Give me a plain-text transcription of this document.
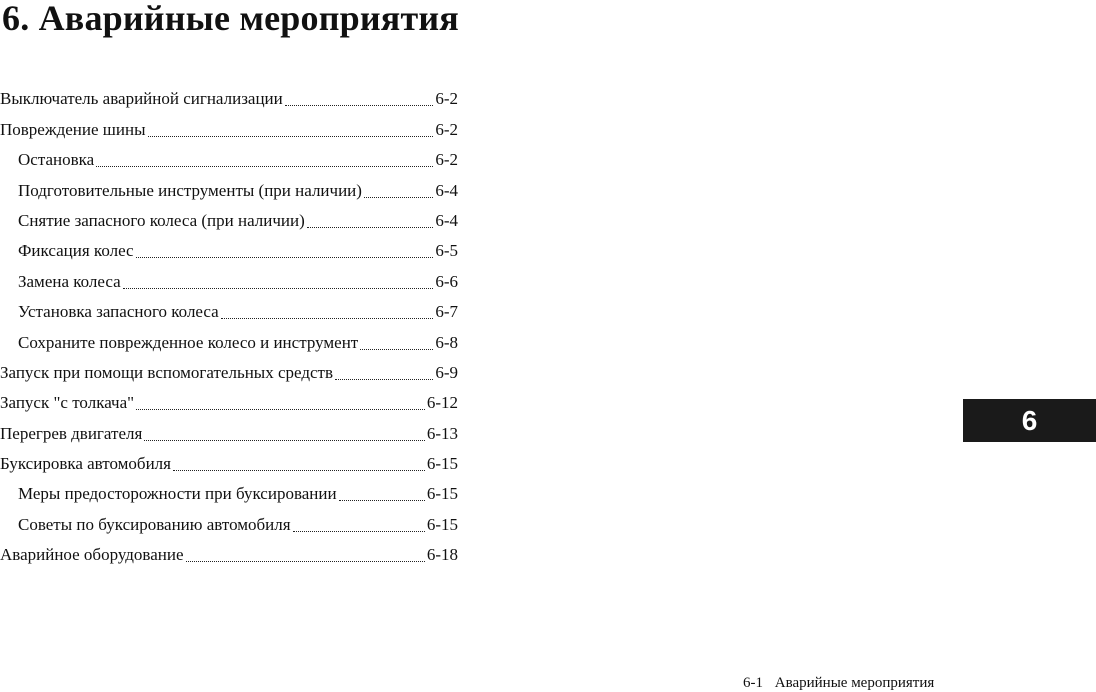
6. Аварийные мероприятия
Выключатель аварийной сигнализации	6-2
Повреждение шины	6-2
Остановка	6-2
Подготовительные инструменты (при наличии)	6-4
Снятие запасного колеса (при наличии)	6-4
Фиксация колес	6-5
Замена колеса	6-6
Установка запасного колеса	6-7
Сохраните поврежденное колесо и инструмент	6-8
Запуск при помощи вспомогательных средств	6-9
Запуск "с толкача"	6-12
Перегрев двигателя	6-13
Буксировка автомобиля	6-15
Меры предосторожности при буксировании	6-15
Советы по буксированию автомобиля	6-15
Аварийное оборудование	6-18
6
6-1 Аварийные мероприятия
